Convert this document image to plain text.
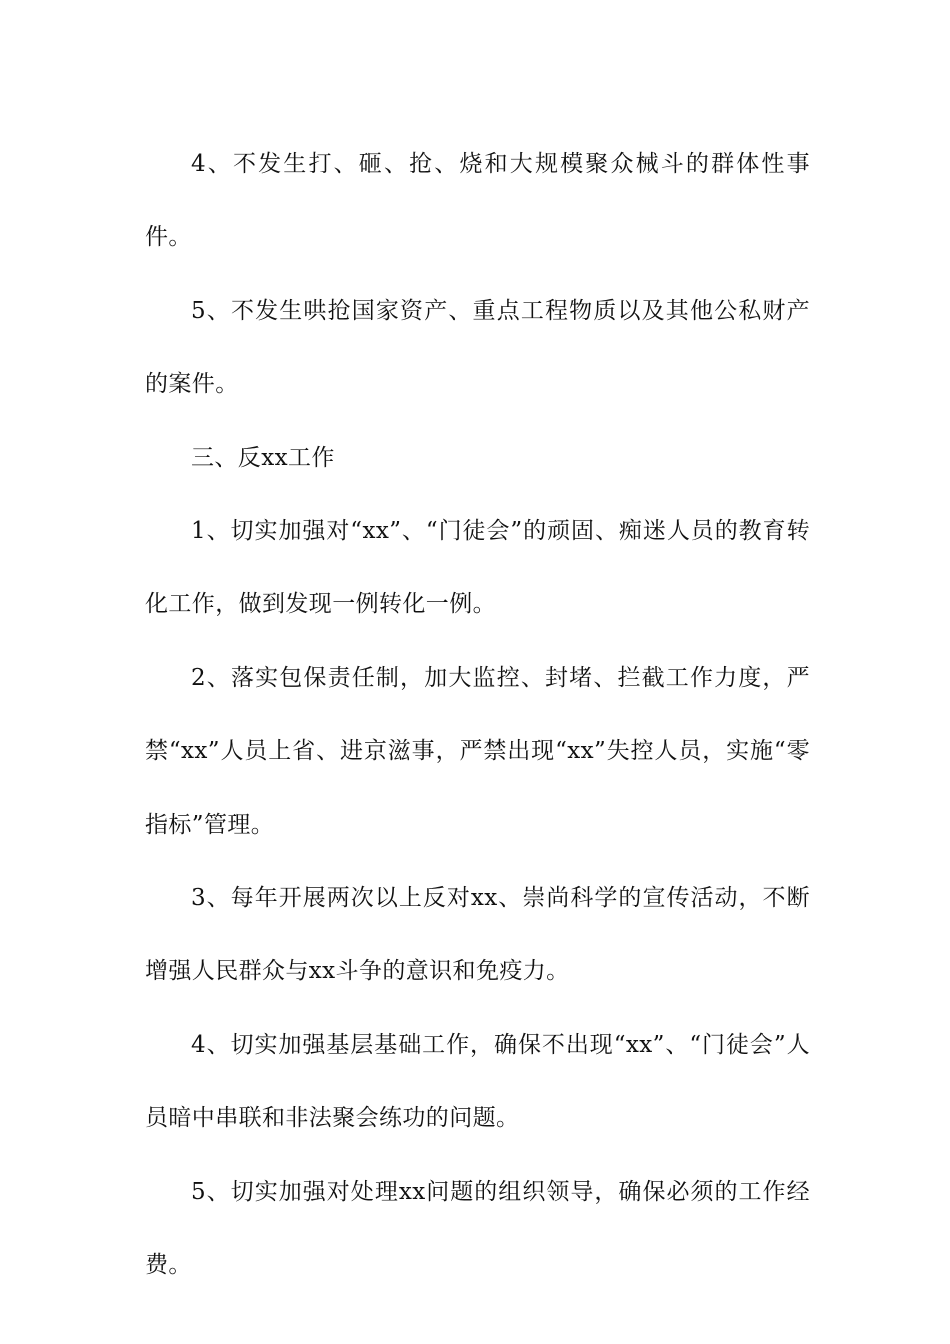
4、不发生打、砸、抢、烧和大规模聚众械斗的群体性事件。

5、不发生哄抢国家资产、重点工程物质以及其他公私财产的案件。

三、反xx工作

1、切实加强对“xx”、“门徒会”的顽固、痴迷人员的教育转化工作，做到发现一例转化一例。

2、落实包保责任制，加大监控、封堵、拦截工作力度，严禁“xx”人员上省、进京滋事，严禁出现“xx”失控人员，实施“零指标”管理。

3、每年开展两次以上反对xx、崇尚科学的宣传活动，不断增强人民群众与xx斗争的意识和免疫力。

4、切实加强基层基础工作，确保不出现“xx”、“门徒会”人员暗中串联和非法聚会练功的问题。

5、切实加强对处理xx问题的组织领导，确保必须的工作经费。
